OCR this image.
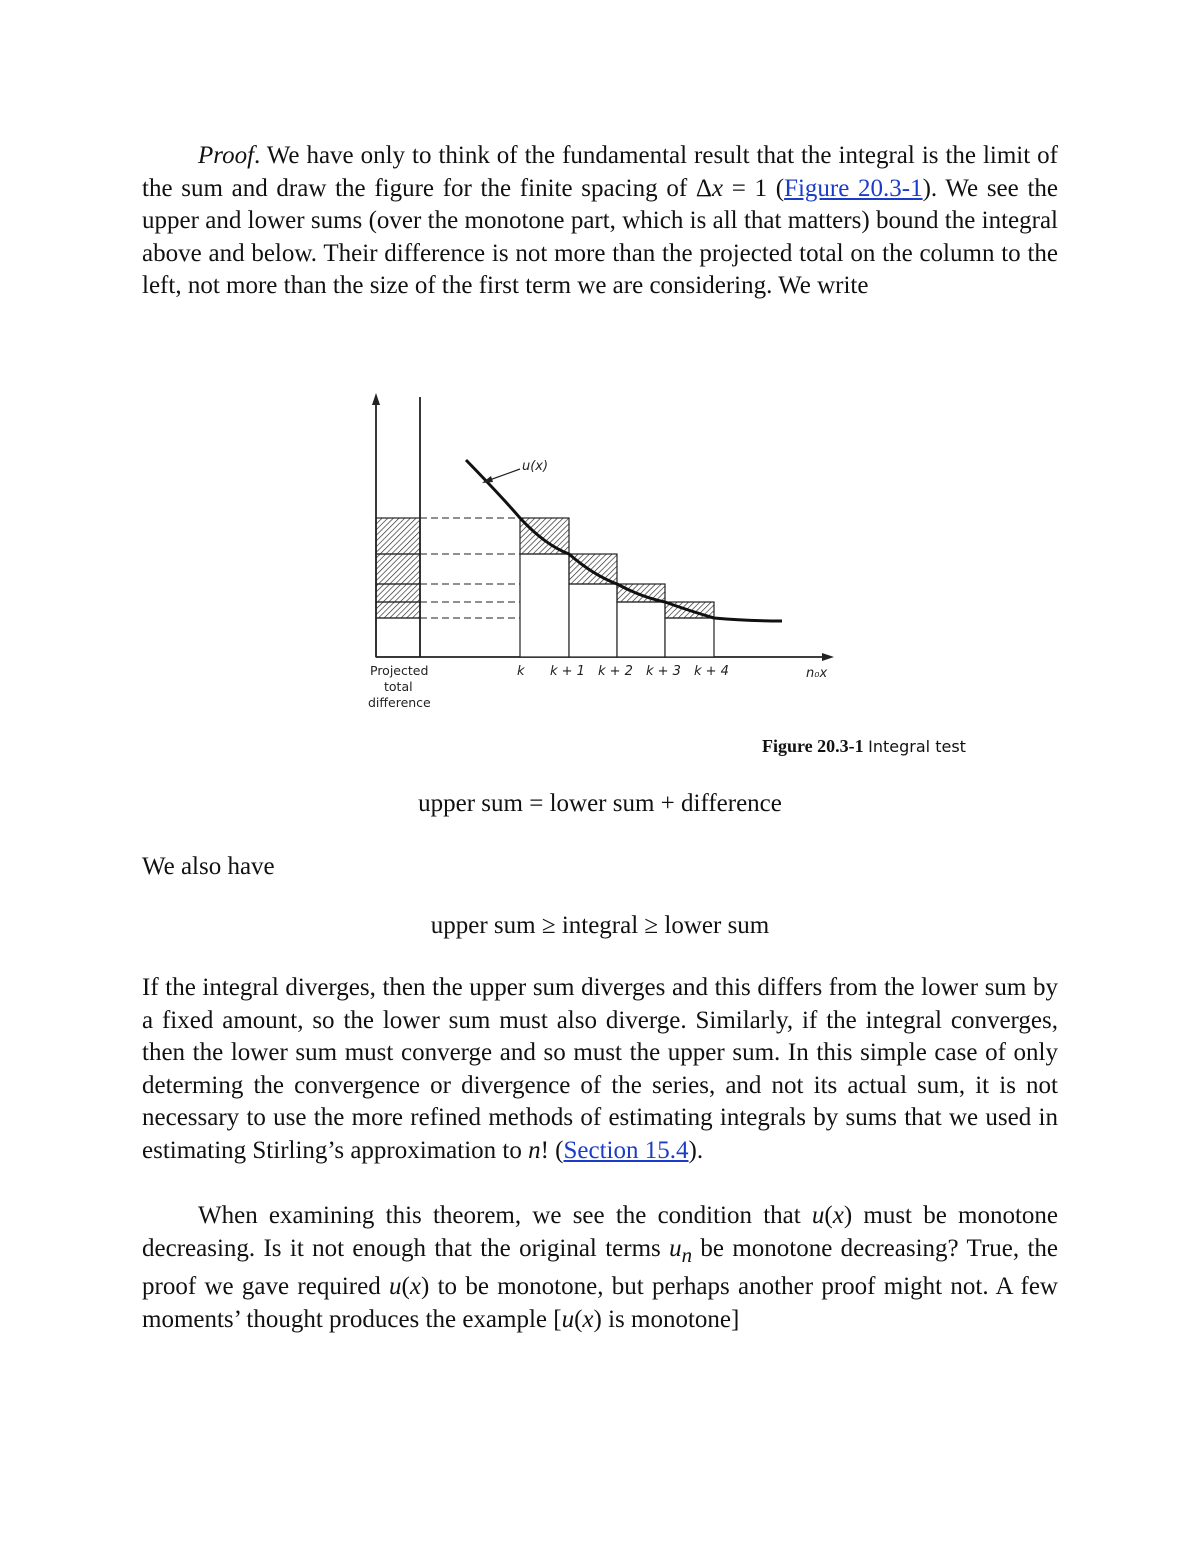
Proof. We have only to think of the fundamental result that the integral is the limit of the sum and draw the figure for the finite spacing of Δx = 1 (Figure 20.3-1). We see the upper and lower sums (over the monotone part, which is all that matters) bound the integral above and below. Their difference is not more than the projected total on the column to the left, not more than the size of the first term we are considering. We write

u(x)
Projected
total
difference
k k + 1 k + 2 k + 3 k + 4	n₀x
Figure 20.3-1 Integral test
upper sum = lower sum + difference
We also have
upper sum ≥ integral ≥ lower sum

If the integral diverges, then the upper sum diverges and this differs from the lower sum by a fixed amount, so the lower sum must also diverge. Similarly, if the integral converges, then the lower sum must converge and so must the upper sum. In this simple case of only determing the convergence or divergence of the series, and not its actual sum, it is not necessary to use the more refined methods of estimating integrals by sums that we used in estimating Stirling’s approximation to n! (Section 15.4).

When examining this theorem, we see the condition that u(x) must be monotone decreasing. Is it not enough that the original terms $u_n$ be monotone decreasing? True, the proof we gave required u(x) to be monotone, but perhaps another proof might not. A few moments’ thought produces the example [u(x) is monotone]
